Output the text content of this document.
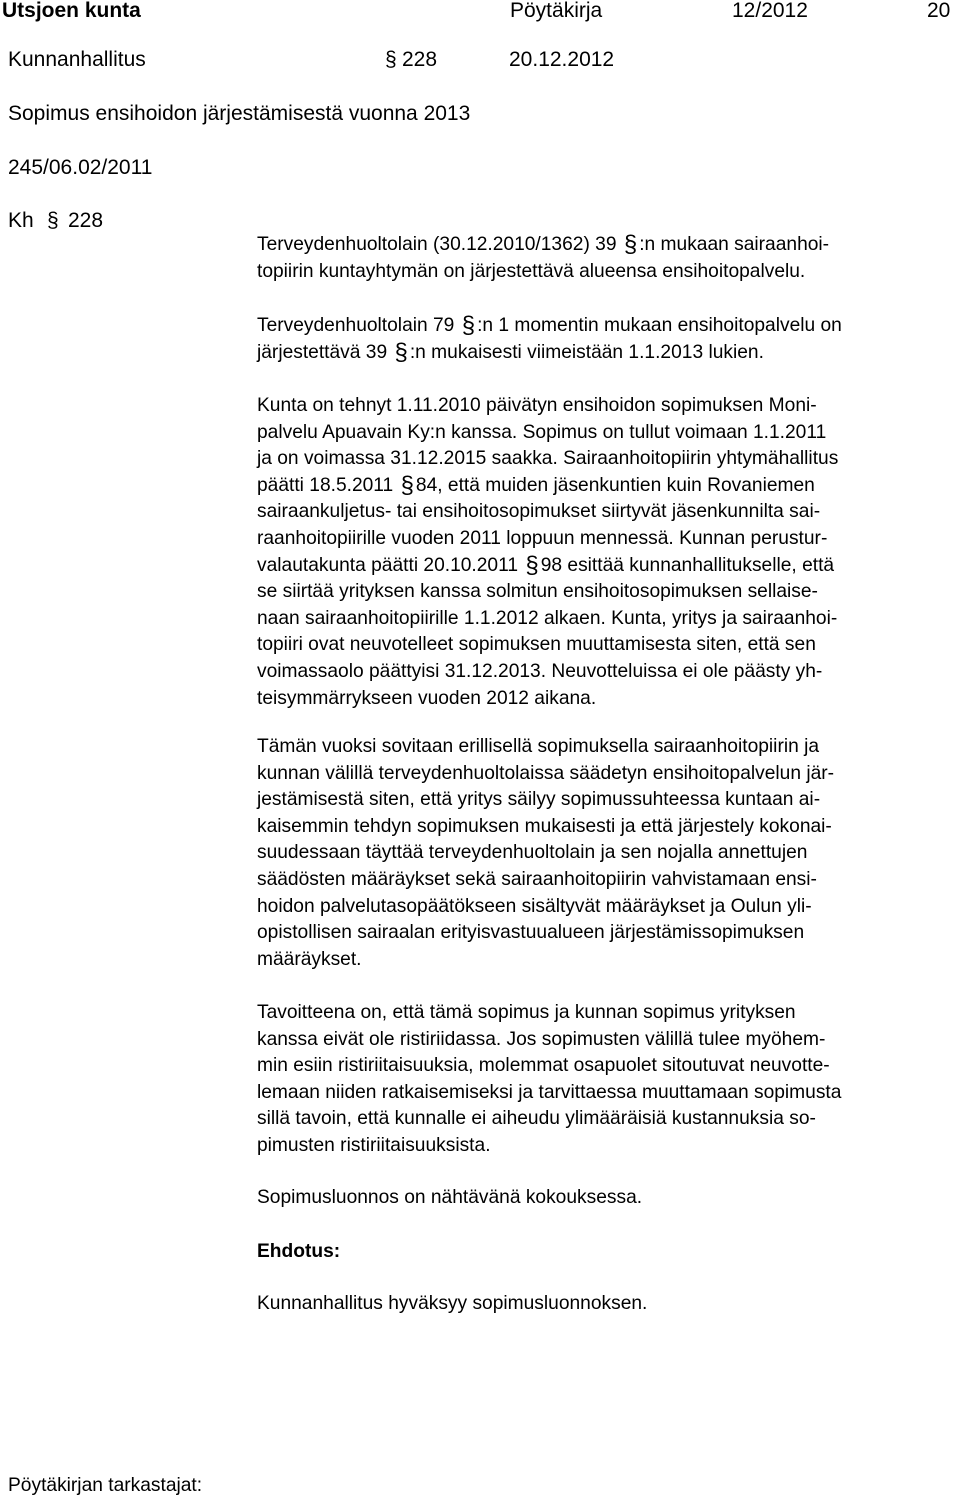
Utsjoen kunta	Pöytäkirja	12/2012	20
Kunnanhallitus	§ 228	20.12.2012
Sopimus ensihoidon järjestämisestä vuonna 2013
245/06.02/2011
Kh § 228
Terveydenhuoltolain (30.12.2010/1362) 39 § :n mukaan sairaanhoi-
topiirin kuntayhtymän on järjestettävä alueensa ensihoitopalvelu.
Terveydenhuoltolain 79 § :n 1 momentin mukaan ensihoitopalvelu on
järjestettävä 39 § :n mukaisesti viimeistään 1.1.2013 lukien.
Kunta on tehnyt 1.11.2010 päivätyn ensihoidon sopimuksen Moni-
palvelu Apuavain Ky:n kanssa. Sopimus on tullut voimaan 1.1.2011
ja on voimassa 31.12.2015 saakka. Sairaanhoitopiirin yhtymähallitus
päätti 18.5.2011 § 84, että muiden jäsenkuntien kuin Rovaniemen
sairaankuljetus- tai ensihoitosopimukset siirtyvät jäsenkunnilta sai-
raanhoitopiirille vuoden 2011 loppuun mennessä. Kunnan perustur-
valautakunta päätti 20.10.2011 § 98 esittää kunnanhallitukselle, että
se siirtää yrityksen kanssa solmitun ensihoitosopimuksen sellaise-
naan sairaanhoitopiirille 1.1.2012 alkaen. Kunta, yritys ja sairaanhoi-
topiiri ovat neuvotelleet sopimuksen muuttamisesta siten, että sen
voimassaolo päättyisi 31.12.2013. Neuvotteluissa ei ole päästy yh-
teisymmärrykseen vuoden 2012 aikana.
Tämän vuoksi sovitaan erillisellä sopimuksella sairaanhoitopiirin ja
kunnan välillä terveydenhuoltolaissa säädetyn ensihoitopalvelun jär-
jestämisestä siten, että yritys säilyy sopimussuhteessa kuntaan ai-
kaisemmin tehdyn sopimuksen mukaisesti ja että järjestely kokonai-
suudessaan täyttää terveydenhuoltolain ja sen nojalla annettujen
säädösten määräykset sekä sairaanhoitopiirin vahvistamaan ensi-
hoidon palvelutasopäätökseen sisältyvät määräykset ja Oulun yli-
opistollisen sairaalan erityisvastuualueen järjestämissopimuksen
määräykset.
Tavoitteena on, että tämä sopimus ja kunnan sopimus yrityksen
kanssa eivät ole ristiriidassa. Jos sopimusten välillä tulee myöhem-
min esiin ristiriitaisuuksia, molemmat osapuolet sitoutuvat neuvotte-
lemaan niiden ratkaisemiseksi ja tarvittaessa muuttamaan sopimusta
sillä tavoin, että kunnalle ei aiheudu ylimääräisiä kustannuksia so-
pimusten ristiriitaisuuksista.
Sopimusluonnos on nähtävänä kokouksessa.
Ehdotus:
Kunnanhallitus hyväksyy sopimusluonnoksen.
Pöytäkirjan tarkastajat:
